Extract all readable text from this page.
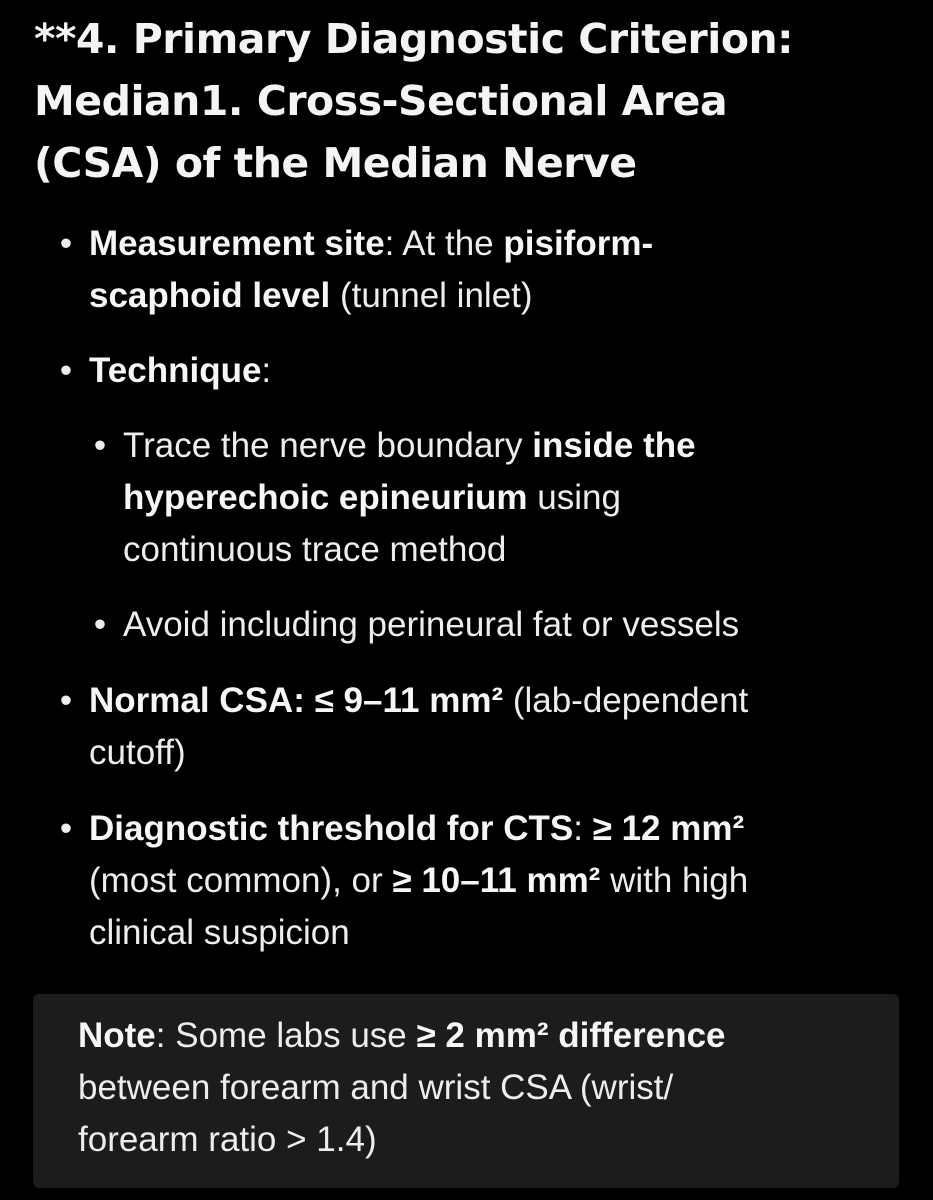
**4. Primary Diagnostic Criterion:
Median1. Cross-Sectional Area
(CSA) of the Median Nerve
• Measurement site: At the pisiform-
scaphoid level (tunnel inlet)
• Technique:
• Trace the nerve boundary inside the
hyperechoic epineurium using
continuous trace method
• Avoid including perineural fat or vessels
• Normal CSA: ≤ 9–11 mm² (lab-dependent
cutoff)
• Diagnostic threshold for CTS: ≥ 12 mm²
(most common), or ≥ 10–11 mm² with high
clinical suspicion
Note: Some labs use ≥ 2 mm² difference
between forearm and wrist CSA (wrist/
forearm ratio > 1.4)
